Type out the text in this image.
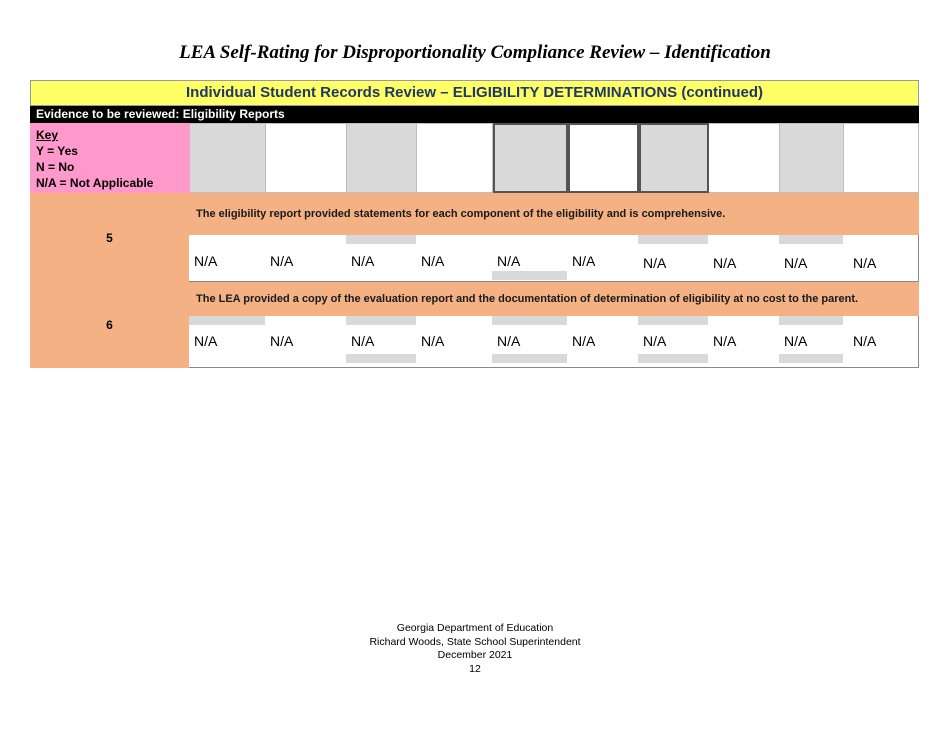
LEA Self-Rating for Disproportionality Compliance Review – Identification
Individual Student Records Review – ELIGIBILITY DETERMINATIONS (continued)
Evidence to be reviewed: Eligibility Reports
Key
Y = Yes
N = No
N/A = Not Applicable
5
The eligibility report provided statements for each component of the eligibility and is comprehensive.
N/A	N/A	N/A	N/A	N/A	N/A	N/A	N/A	N/A	N/A
6
The LEA provided a copy of the evaluation report and the documentation of determination of eligibility at no cost to the parent.
N/A	N/A	N/A	N/A	N/A	N/A	N/A	N/A	N/A	N/A
Georgia Department of Education
Richard Woods, State School Superintendent
December 2021
12
